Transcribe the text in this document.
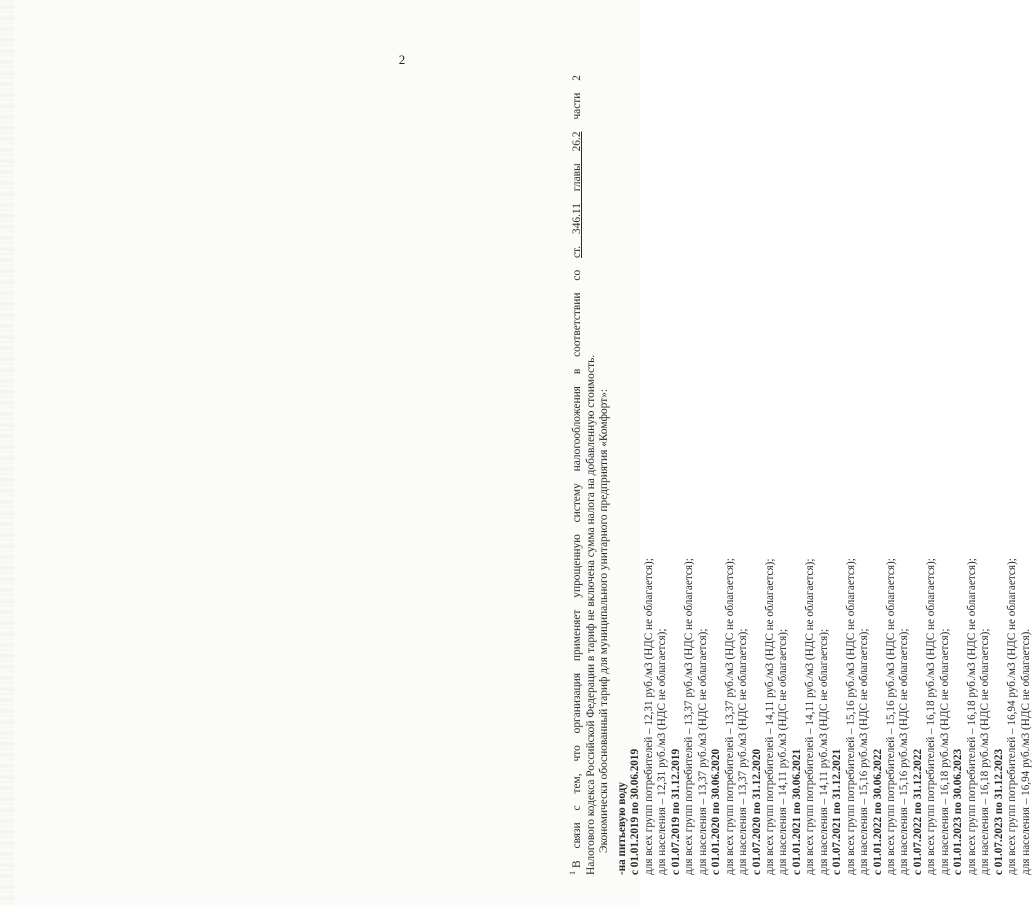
$^1$В связи с тем, что организация применяет упрощенную систему налогообложения в соответствии со ст. 346.11 главы 26.2 части 2
Налогового кодекса Российской Федерации в тариф не включена сумма налога на добавленную стоимость. Экономически обоснованный тариф для муниципального унитарного предприятия «Комфорт»: -на питьевую воду с 01.01.2019 по 30.06.2019 для всех групп потребителей – 12,31 руб./м3 (НДС не облагается); для населения – 12,31 руб./м3 (НДС не облагается); с 01.07.2019 по 31.12.2019 для всех групп потребителей – 13,37 руб./м3 (НДС не облагается); для населения – 13,37 руб./м3 (НДС не облагается); с 01.01.2020 по 30.06.2020 для всех групп потребителей – 13,37 руб./м3 (НДС не облагается); для населения – 13,37 руб./м3 (НДС не облагается); с 01.07.2020 по 31.12.2020 для всех групп потребителей – 14,11 руб./м3 (НДС не облагается); для населения – 14,11 руб./м3 (НДС не облагается); с 01.01.2021 по 30.06.2021 для всех групп потребителей – 14,11 руб./м3 (НДС не облагается); для населения – 14,11 руб./м3 (НДС не облагается); с 01.07.2021 по 31.12.2021 для всех групп потребителей – 15,16 руб./м3 (НДС не облагается); для населения – 15,16 руб./м3 (НДС не облагается); с 01.01.2022 по 30.06.2022 для всех групп потребителей – 15,16 руб./м3 (НДС не облагается); для населения – 15,16 руб./м3 (НДС не облагается); с 01.07.2022 по 31.12.2022 для всех групп потребителей – 16,18 руб./м3 (НДС не облагается); для населения – 16,18 руб./м3 (НДС не облагается); с 01.01.2023 по 30.06.2023 для всех групп потребителей – 16,18 руб./м3 (НДС не облагается); для населения – 16,18 руб./м3 (НДС не облагается); с 01.07.2023 по 31.12.2023 для всех групп потребителей – 16,94 руб./м3 (НДС не облагается); для населения – 16,94 руб./м3 (НДС не облагается).
2
